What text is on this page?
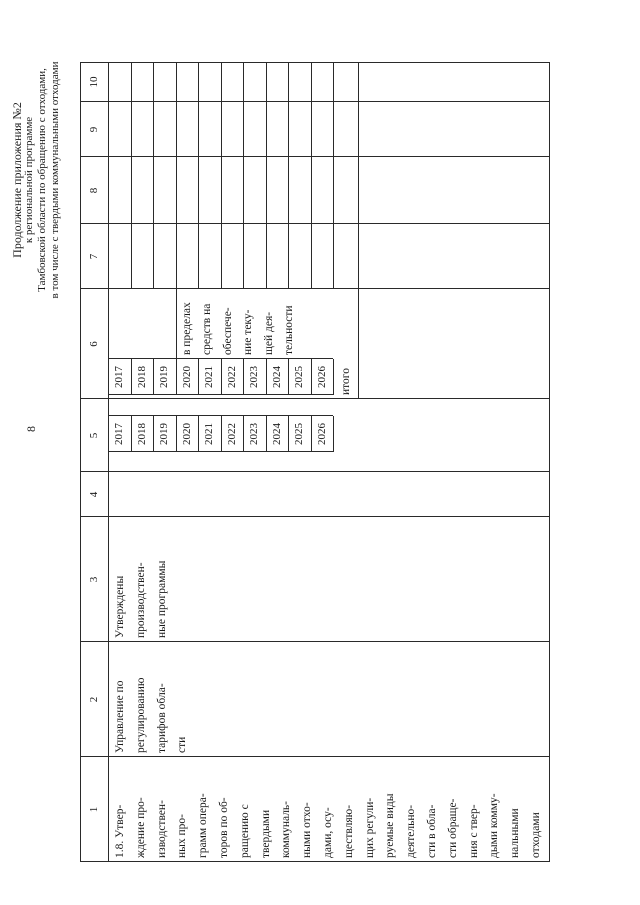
8
Продолжение приложения №2 к региональной программе Тамбовской области по обращению с отходами, в том числе с твердыми коммунальными отходами
1.8. Утвер- ждение про- изводствен- ных про- грамм опера- торов по об- ращению с твердыми коммуналь- ными отхо- дами, осу- ществляю- щих регули- руемые виды деятельно- сти в обла- сти обраще- ния с твер- дыми комму- нальными отходами
Управление по регулированию тарифов обла- сти
Утверждены производствен- ные программы
в пределах средств на обеспече- ние теку- щей дея- тельности
итого
1
2
3
4
5
6
7
8
9
10
2017 2018 2019 2020 2021 2022 2023 2024 2025 2026
2017 2018 2019 2020 2021 2022 2023 2024 2025 2026
